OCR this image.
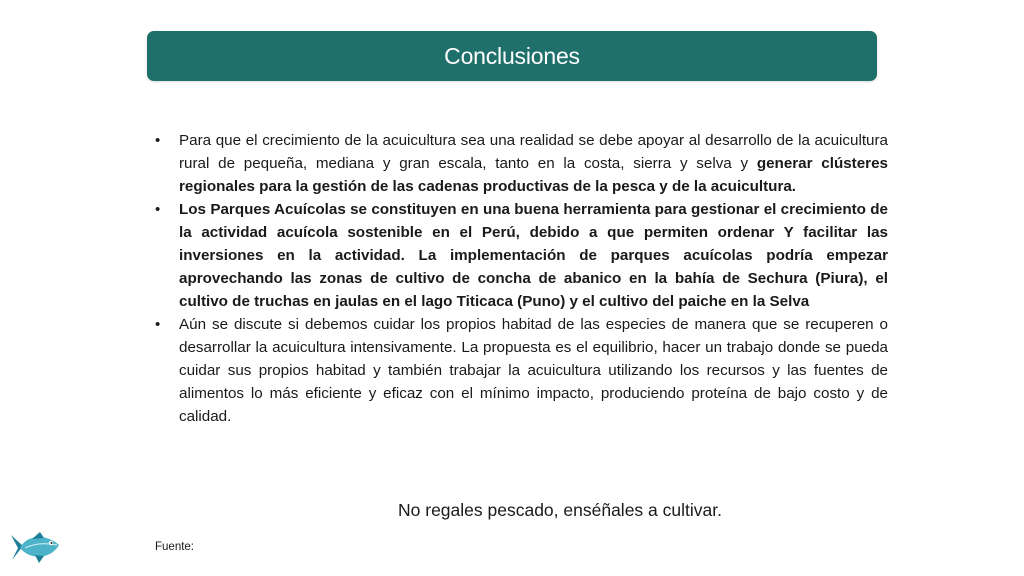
Conclusiones
• Para que el crecimiento de la acuicultura sea una realidad se debe apoyar al desarrollo de la acuicultura rural de pequeña, mediana y gran escala, tanto en la costa, sierra y selva y generar clústeres regionales para la gestión de las cadenas productivas de la pesca y de la acuicultura.
• Los Parques Acuícolas se constituyen en una buena herramienta para gestionar el crecimiento de la actividad acuícola sostenible en el Perú, debido a que permiten ordenar Y facilitar las inversiones en la actividad. La implementación de parques acuícolas podría empezar aprovechando las zonas de cultivo de concha de abanico en la bahía de Sechura (Piura), el cultivo de truchas en jaulas en el lago Titicaca (Puno) y el cultivo del paiche en la Selva
• Aún se discute si debemos cuidar los propios habitad de las especies de manera que se recuperen o desarrollar la acuicultura intensivamente. La propuesta es el equilibrio, hacer un trabajo donde se pueda cuidar sus propios habitad y también trabajar la acuicultura utilizando los recursos y las fuentes de alimentos lo más eficiente y eficaz con el mínimo impacto, produciendo proteína de bajo costo y de calidad.
No regales pescado, enséñales a cultivar.
Fuente:
